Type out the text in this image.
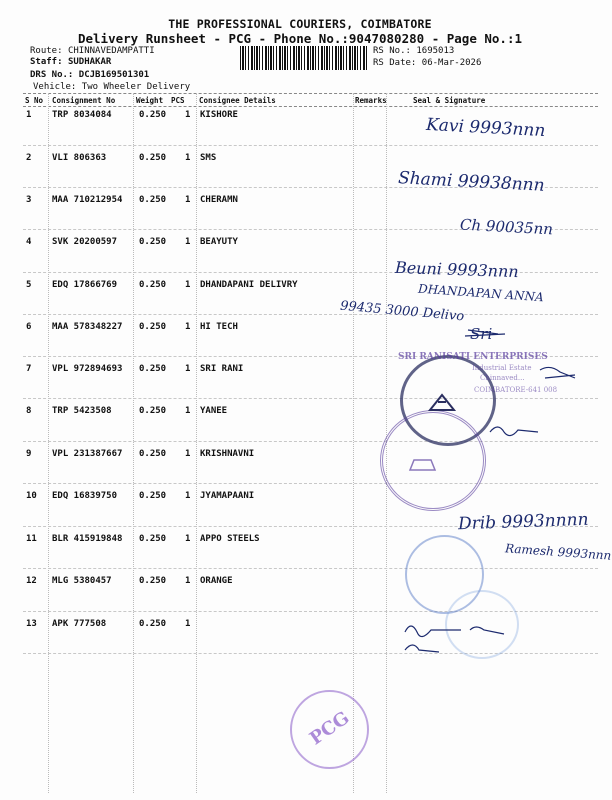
THE PROFESSIONAL COURIERS, COIMBATORE
Delivery Runsheet - PCG - Phone No.:9047080280 - Page No.:1
Route: CHINNAVEDAMPATTI
Staff: SUDHAKAR
DRS No.: DCJB169501301
Vehicle: Two Wheeler Delivery
RS No.: 1695013
RS Date: 06-Mar-2026
S No Consignment No	Weight PCS Consignee Details	Remarks	Seal & Signature
1 TRP 8034084	0.250 1 KISHORE
2 VLI 806363	0.250 1 SMS
3 MAA 710212954 0.250 1 CHERAMN
4 SVK 20200597 0.250 1 BEAYUTY
5 EDQ 17866769 0.250 1 DHANDAPANI DELIVRY
6 MAA 578348227 0.250 1 HI TECH
7 VPL 972894693 0.250 1 SRI RANI
8 TRP 5423508	0.250 1 YANEE
9 VPL 231387667 0.250 1 KRISHNAVNI
10 EDQ 16839750 0.250 1 JYAMAPAANI
11 BLR 415919848 0.250 1 APPO STEELS
12 MLG 5380457	0.250 1 ORANGE
13 APK 777508	0.250 1
SRI RANISATI ENTERPRISES
Industrial Estate
Chinnaved...
COIMBATORE-641 008
Kavi 9993nnn
Shami 99938nnn
Ch 90035nn
Beuni 9993nnn
DHANDAPAN ANNA
99435 3000 Delivo
Sri
Drib 9993nnnn
Ramesh 9993nnn
PCG
